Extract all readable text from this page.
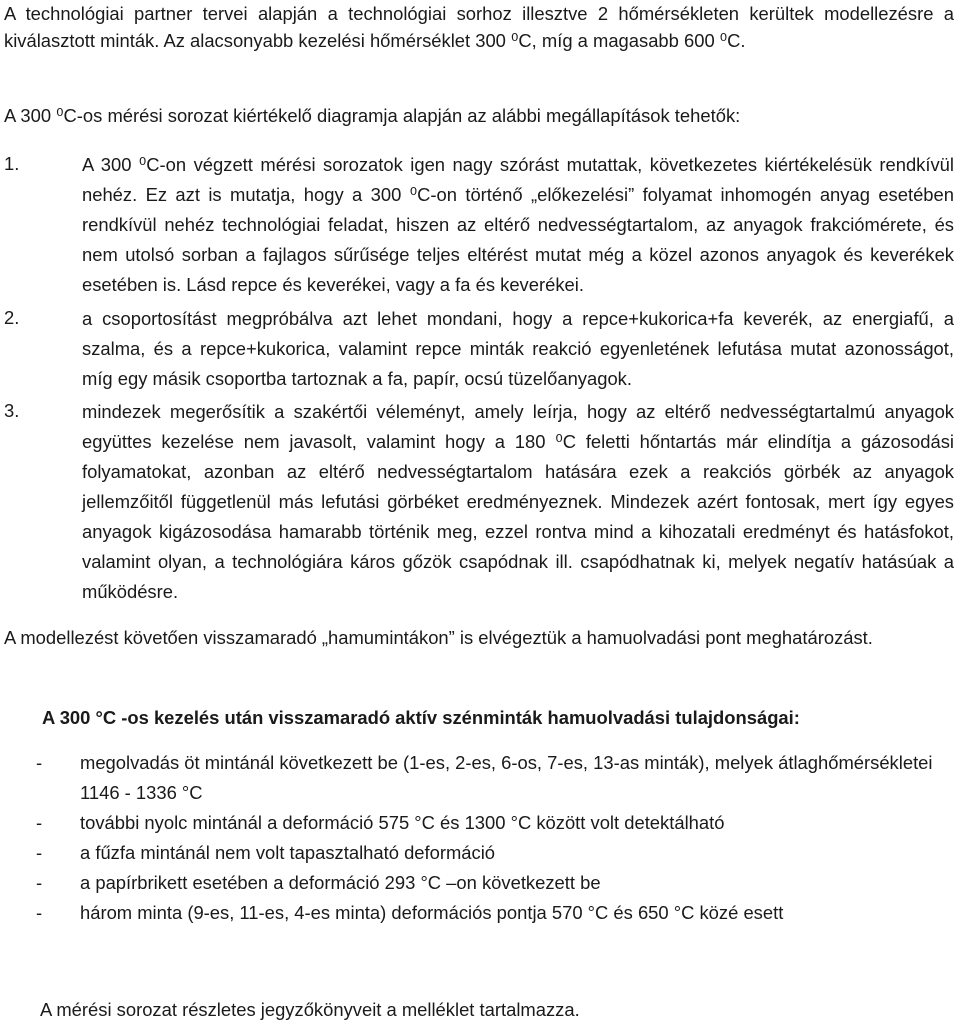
A technológiai partner tervei alapján a technológiai sorhoz illesztve 2 hőmérsékleten kerültek modellezésre a kiválasztott minták. Az alacsonyabb kezelési hőmérséklet 300 ⁰C, míg a magasabb 600 ⁰C.

A 300 ⁰C-os mérési sorozat kiértékelő diagramja alapján az alábbi megállapítások tehetők:

1.	A 300 ⁰C-on végzett mérési sorozatok igen nagy szórást mutattak, következetes kiértékelésük rendkívül nehéz. Ez azt is mutatja, hogy a 300 ⁰C-on történő „előkezelési” folyamat inhomogén anyag esetében rendkívül nehéz technológiai feladat, hiszen az eltérő nedvességtartalom, az anyagok frakciómérete, és nem utolsó sorban a fajlagos sűrűsége teljes eltérést mutat még a közel azonos anyagok és keverékek esetében is. Lásd repce és keverékei, vagy a fa és keverékei.

2.	a csoportosítást megpróbálva azt lehet mondani, hogy a repce+kukorica+fa keverék, az energiafű, a szalma, és a repce+kukorica, valamint repce minták reakció egyenletének lefutása mutat azonosságot, míg egy másik csoportba tartoznak a fa, papír, ocsú tüzelőanyagok.

3.	mindezek megerősítik a szakértői véleményt, amely leírja, hogy az eltérő nedvességtartalmú anyagok együttes kezelése nem javasolt, valamint hogy a 180 ⁰C feletti hőntartás már elindítja a gázosodási folyamatokat, azonban az eltérő nedvességtartalom hatására ezek a reakciós görbék az anyagok jellemzőitől függetlenül más lefutási görbéket eredményeznek. Mindezek azért fontosak, mert így egyes anyagok kigázosodása hamarabb történik meg, ezzel rontva mind a kihozatali eredményt és hatásfokot, valamint olyan, a technológiára káros gőzök csapódnak ill. csapódhatnak ki, melyek negatív hatásúak a működésre.

A modellezést követően visszamaradó „hamumintákon” is elvégeztük a hamuolvadási pont meghatározást.

A 300 °C -os kezelés után visszamaradó aktív szénminták hamuolvadási tulajdonságai:
- megolvadás öt mintánál következett be (1-es, 2-es, 6-os, 7-es, 13-as minták), melyek átlaghőmérsékletei 1146 - 1336 °C
- további nyolc mintánál a deformáció 575 °C és 1300 °C között volt detektálható
- a fűzfa mintánál nem volt tapasztalható deformáció
- a papírbrikett esetében a deformáció 293 °C –on következett be
- három minta (9-es, 11-es, 4-es minta) deformációs pontja 570 °C és 650 °C közé esett

A mérési sorozat részletes jegyzőkönyveit a melléklet tartalmazza.
